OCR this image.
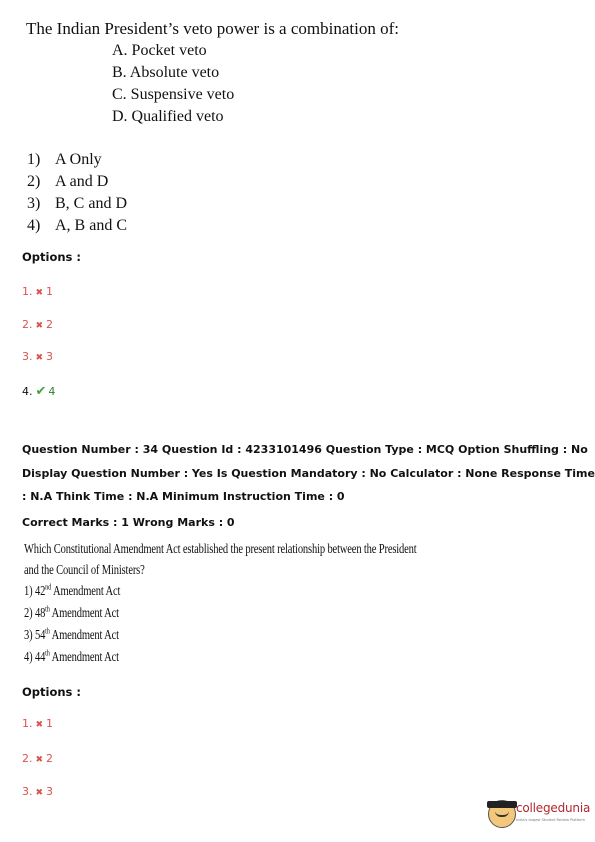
The Indian President’s veto power is a combination of:
A. Pocket veto
B. Absolute veto
C. Suspensive veto
D. Qualified veto
1) A Only
2) A and D
3) B, C and D
4) A, B and C
Options :
1. ✖ 1
2. ✖ 2
3. ✖ 3
4. ✔ 4
Question Number : 34 Question Id : 4233101496 Question Type : MCQ Option Shuffling : No
Display Question Number : Yes Is Question Mandatory : No Calculator : None Response Time
: N.A Think Time : N.A Minimum Instruction Time : 0
Correct Marks : 1 Wrong Marks : 0
Which Constitutional Amendment Act established the present relationship between the President
and the Council of Ministers?
1) 42nd Amendment Act
2) 48th Amendment Act
3) 54th Amendment Act
4) 44th Amendment Act
Options :
1. ✖ 1
2. ✖ 2
3. ✖ 3
collegedunia
India's largest Student Review Platform
